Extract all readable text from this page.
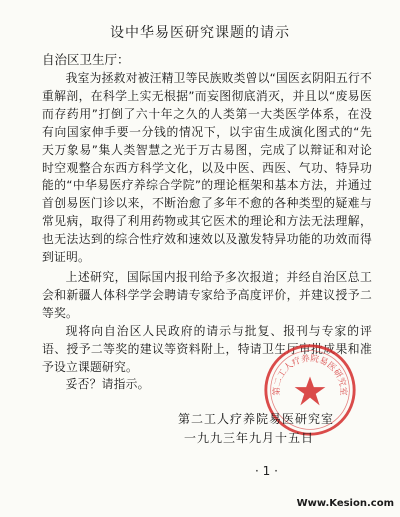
设中华易医研究课题的请示
自治区卫生厅：

我室为拯救对被汪精卫等民族败类曾以“国医玄阴阳五行不重解剖，在科学上实无根据”而妄图彻底消灭，并且以“废易医而存药用”打倒了六十年之久的人类第一大类医学体系，在没有向国家伸手要一分钱的情况下，以宇宙生成演化图式的“先天万象易”集人类智慧之光于万古易图，完成了以辩证和对论时空观整合东西方科学文化，以及中医、西医、气功、特异功能的“中华易医疗养综合学院”的理论框架和基本方法，并通过首创易医门诊以来，不断治愈了多年不愈的各种类型的疑难与常见病，取得了利用药物或其它医术的理论和方法无法理解，也无法达到的综合性疗效和速效以及激发特异功能的功效而得到证明。

上述研究，国际国内报刊给予多次报道；并经自治区总工会和新疆人体科学学会聘请专家给予高度评价，并建议授予二等奖。

现将向自治区人民政府的请示与批复、报刊与专家的评语、授予二等奖的建议等资料附上，特请卫生厅审批成果和准予设立课题研究。

妥否？请指示。	第二工人疗养院易医研究室
第二工人疗养院易医研究室
一九九三年九月十五日
· 1 ·
Www.Kesion.com
